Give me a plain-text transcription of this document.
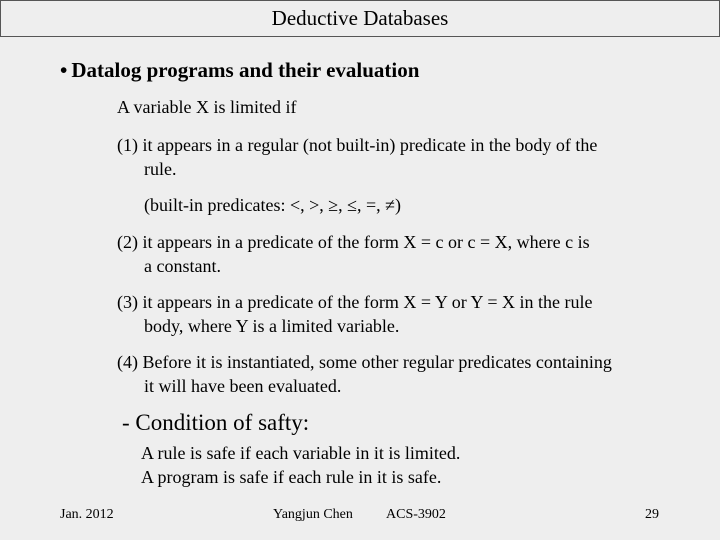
Deductive Databases
• Datalog programs and their evaluation
A variable X is limited if
(1) it appears in a regular (not built-in) predicate in the body of the
rule.
(built-in predicates: <, >, ≥, ≤, =, ≠)
(2) it appears in a predicate of the form X = c or c = X, where c is
a constant.
(3) it appears in a predicate of the form X = Y or Y = X in the rule
body, where Y is a limited variable.
(4) Before it is instantiated, some other regular predicates containing
it will have been evaluated.
- Condition of safty:
A rule is safe if each variable in it is limited.
A program is safe if each rule in it is safe.
Jan. 2012	Yangjun Chen ACS-3902	29
